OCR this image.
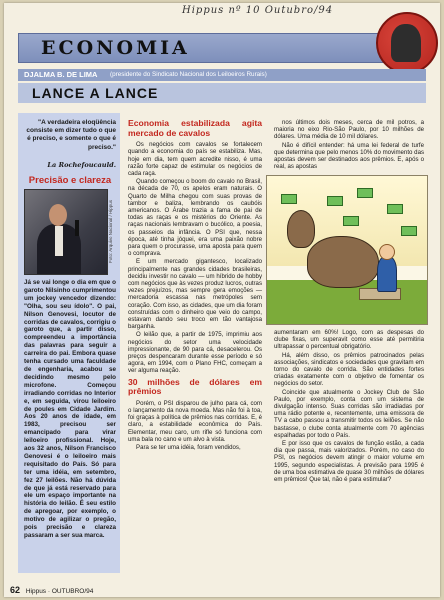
Hippus nº 10 Outubro/94
ECONOMIA
DJALMA B. DE LIMA (presidente do Sindicato Nacional dos Leiloeiros Rurais)
LANCE A LANCE
"A verdadeira eloqüência consiste em dizer tudo o que é preciso, e somente o que é preciso."
La Rochefoucauld.
Precisão e clareza
Foto: Arquivo Nacional / Hippus
Já se vai longe o dia em que o garoto Nilsinho cumprimentou um jockey vencedor dizendo: "Olha, sou seu ídolo". O pai, Nilson Genovesi, locutor de corridas de cavalos, corrigiu o garoto que, a partir disso, compreendeu a importância das palavras para seguir a carreira do pai. Embora quase tenha cursado uma faculdade de engenharia, acabou se decidindo mesmo pelo microfone. Começou irradiando corridas no Interior e, em seguida, virou leiloeiro de poules em Cidade Jardim. Aos 20 anos de idade, em 1983, precisou ser emancipado para virar leiloeiro profissional. Hoje, aos 32 anos, Nilson Francisco Genovesi é o leiloeiro mais requisitado do País. Só para ter uma idéia, em setembro, fez 27 leilões. Não há dúvida de que já está reservado para ele um espaço importante na história do leilão. É seu estilo de apregoar, por exemplo, o motivo de agilizar o pregão, pois precisão e clareza passaram a ser sua marca.
Economia estabilizada agita mercado de cavalos

Os negócios com cavalos se fortalecem quando a economia do país se estabiliza. Mas, hoje em dia, tem quem acredite nisso, é uma razão forte capaz de estimular os negócios de cada raça.

Quando começou o boom do cavalo no Brasil, na década de 70, os apelos eram naturais. O Quarto de Milha chegou com suas provas de tambor e baliza, lembrando os caubóis americanos. O Árabe trazia a fama de pai de todas as raças e os mistérios do Oriente. As raças nacionais lembravam o bucólico, a poesia, os passeios da infância. O PSI que, nessa época, até tinha jóquei, era uma paixão nobre para quem o procurasse, uma aposta para quem o comprava.

E um mercado gigantesco, localizado principalmente nas grandes cidades brasileiras, decidiu investir no cavalo — um híbrido de hobby com negócios que às vezes produz lucros, outras vezes prejuízos, mas sempre gera emoções — mercadoria escassa nas metrópoles sem coração. Com isso, as cidades, que um dia foram construídas com o dinheiro que veio do campo, estavam dando seu troco em tão vantajosa barganha.

O leilão que, a partir de 1975, imprimiu aos negócios do setor uma velocidade impressionante, de 90 para cá, desacelerou. Os preços despencaram durante esse período e só agora, em 1994, com o Plano FHC, começam a ver alguma reação.

30 milhões de dólares em prêmios

Porém, o PSI disparou de julho para cá, com o lançamento da nova moeda. Mas não foi à toa, foi graças à política de prêmios nas corridas. E, é claro, a estabilidade econômica do País. Elementar, meu caro, um rifle só funciona com uma bala no cano e um alvo à vista.

Para se ter uma idéia, foram vendidos,

nos últimos dois meses, cerca de mil potros, a maioria no eixo Rio-São Paulo, por 10 milhões de dólares. Uma média de 10 mil dólares.

Não é difícil entender: há uma lei federal de turfe que determina que pelo menos 10% do movimento das apostas devem ser destinados aos prêmios. E, após o real, as apostas

aumentaram em 60%! Logo, com as despesas do clube fixas, um superavit como esse até permitiria ultrapassar o percentual obrigatório.

Há, além disso, os prêmios patrocinados pelas associações, sindicatos e sociedades que gravitam em torno do cavalo de corrida. São entidades fortes criadas exatamente com o objetivo de fomentar os negócios do setor.

Coincide que atualmente o Jockey Club de São Paulo, por exemplo, conta com um sistema de divulgação intenso. Suas corridas são irradiadas por uma rádio potente e, recentemente, uma emissora de TV a cabo passou a transmitir todos os leilões. Se não bastasse, o clube conta atualmente com 70 agências espalhadas por todo o País.

E por isso que os cavalos de função estão, a cada dia que passa, mais valorizados. Porém, no caso do PSI, os negócios devem atingir o maior volume em 1995, segundo especialistas. A previsão para 1995 é de uma boa estimativa de quase 30 milhões de dólares em prêmios! Que tal, não é para estimular?

62 Hippus · OUTUBRO/94
